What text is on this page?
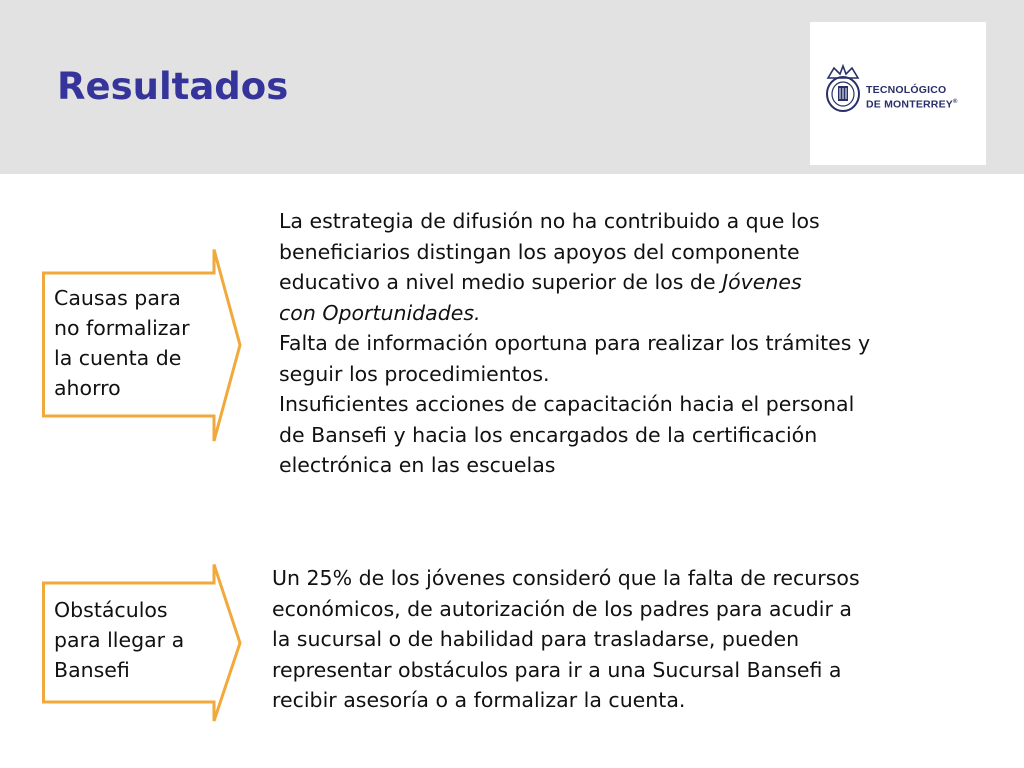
Resultados	TECNOLÓGICO
DE MONTERREY®
Causas para
no formalizar
la cuenta de
ahorro
La estrategia de difusión no ha contribuido a que los
beneficiarios distingan los apoyos del componente
educativo a nivel medio superior de los de Jóvenes
con Oportunidades.
Falta de información oportuna para realizar los trámites y
seguir los procedimientos.
Insuficientes acciones de capacitación hacia el personal
de Bansefi y hacia los encargados de la certificación
electrónica en las escuelas
Obstáculos
para llegar a
Bansefi
Un 25% de los jóvenes consideró que la falta de recursos
económicos, de autorización de los padres para acudir a
la sucursal o de habilidad para trasladarse, pueden
representar obstáculos para ir a una Sucursal Bansefi a
recibir asesoría o a formalizar la cuenta.
